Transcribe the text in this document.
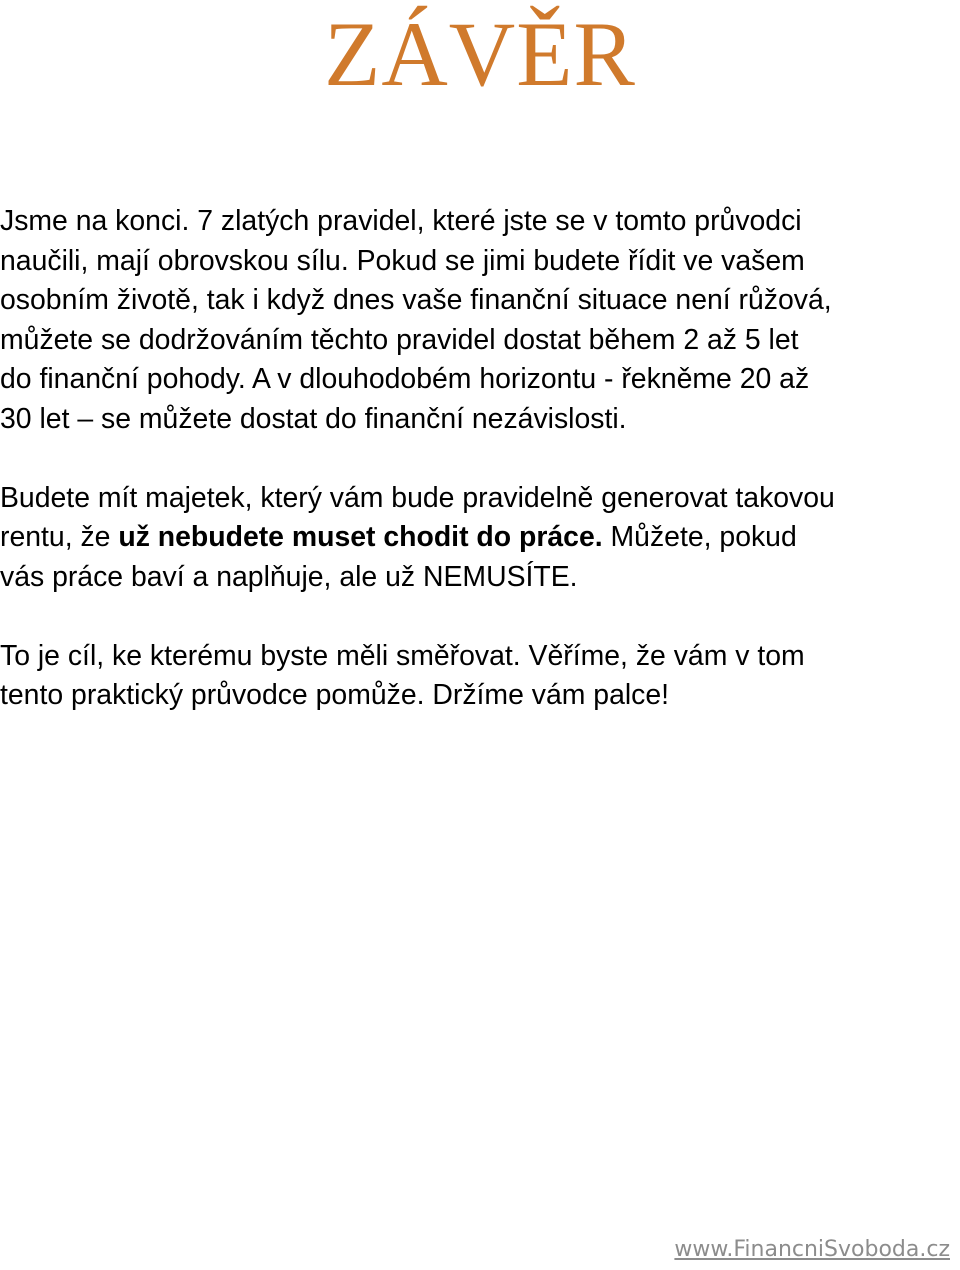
ZÁVĚR

Jsme na konci. 7 zlatých pravidel, které jste se v tomto průvodci
naučili, mají obrovskou sílu. Pokud se jimi budete řídit ve vašem
osobním životě, tak i když dnes vaše finanční situace není růžová,
můžete se dodržováním těchto pravidel dostat během 2 až 5 let
do finanční pohody. A v dlouhodobém horizontu - řekněme 20 až
30 let – se můžete dostat do finanční nezávislosti.

Budete mít majetek, který vám bude pravidelně generovat takovou
rentu, že už nebudete muset chodit do práce. Můžete, pokud
vás práce baví a naplňuje, ale už NEMUSÍTE.

To je cíl, ke kterému byste měli směřovat. Věříme, že vám v tom
tento praktický průvodce pomůže. Držíme vám palce!

www.FinancniSvoboda.cz
